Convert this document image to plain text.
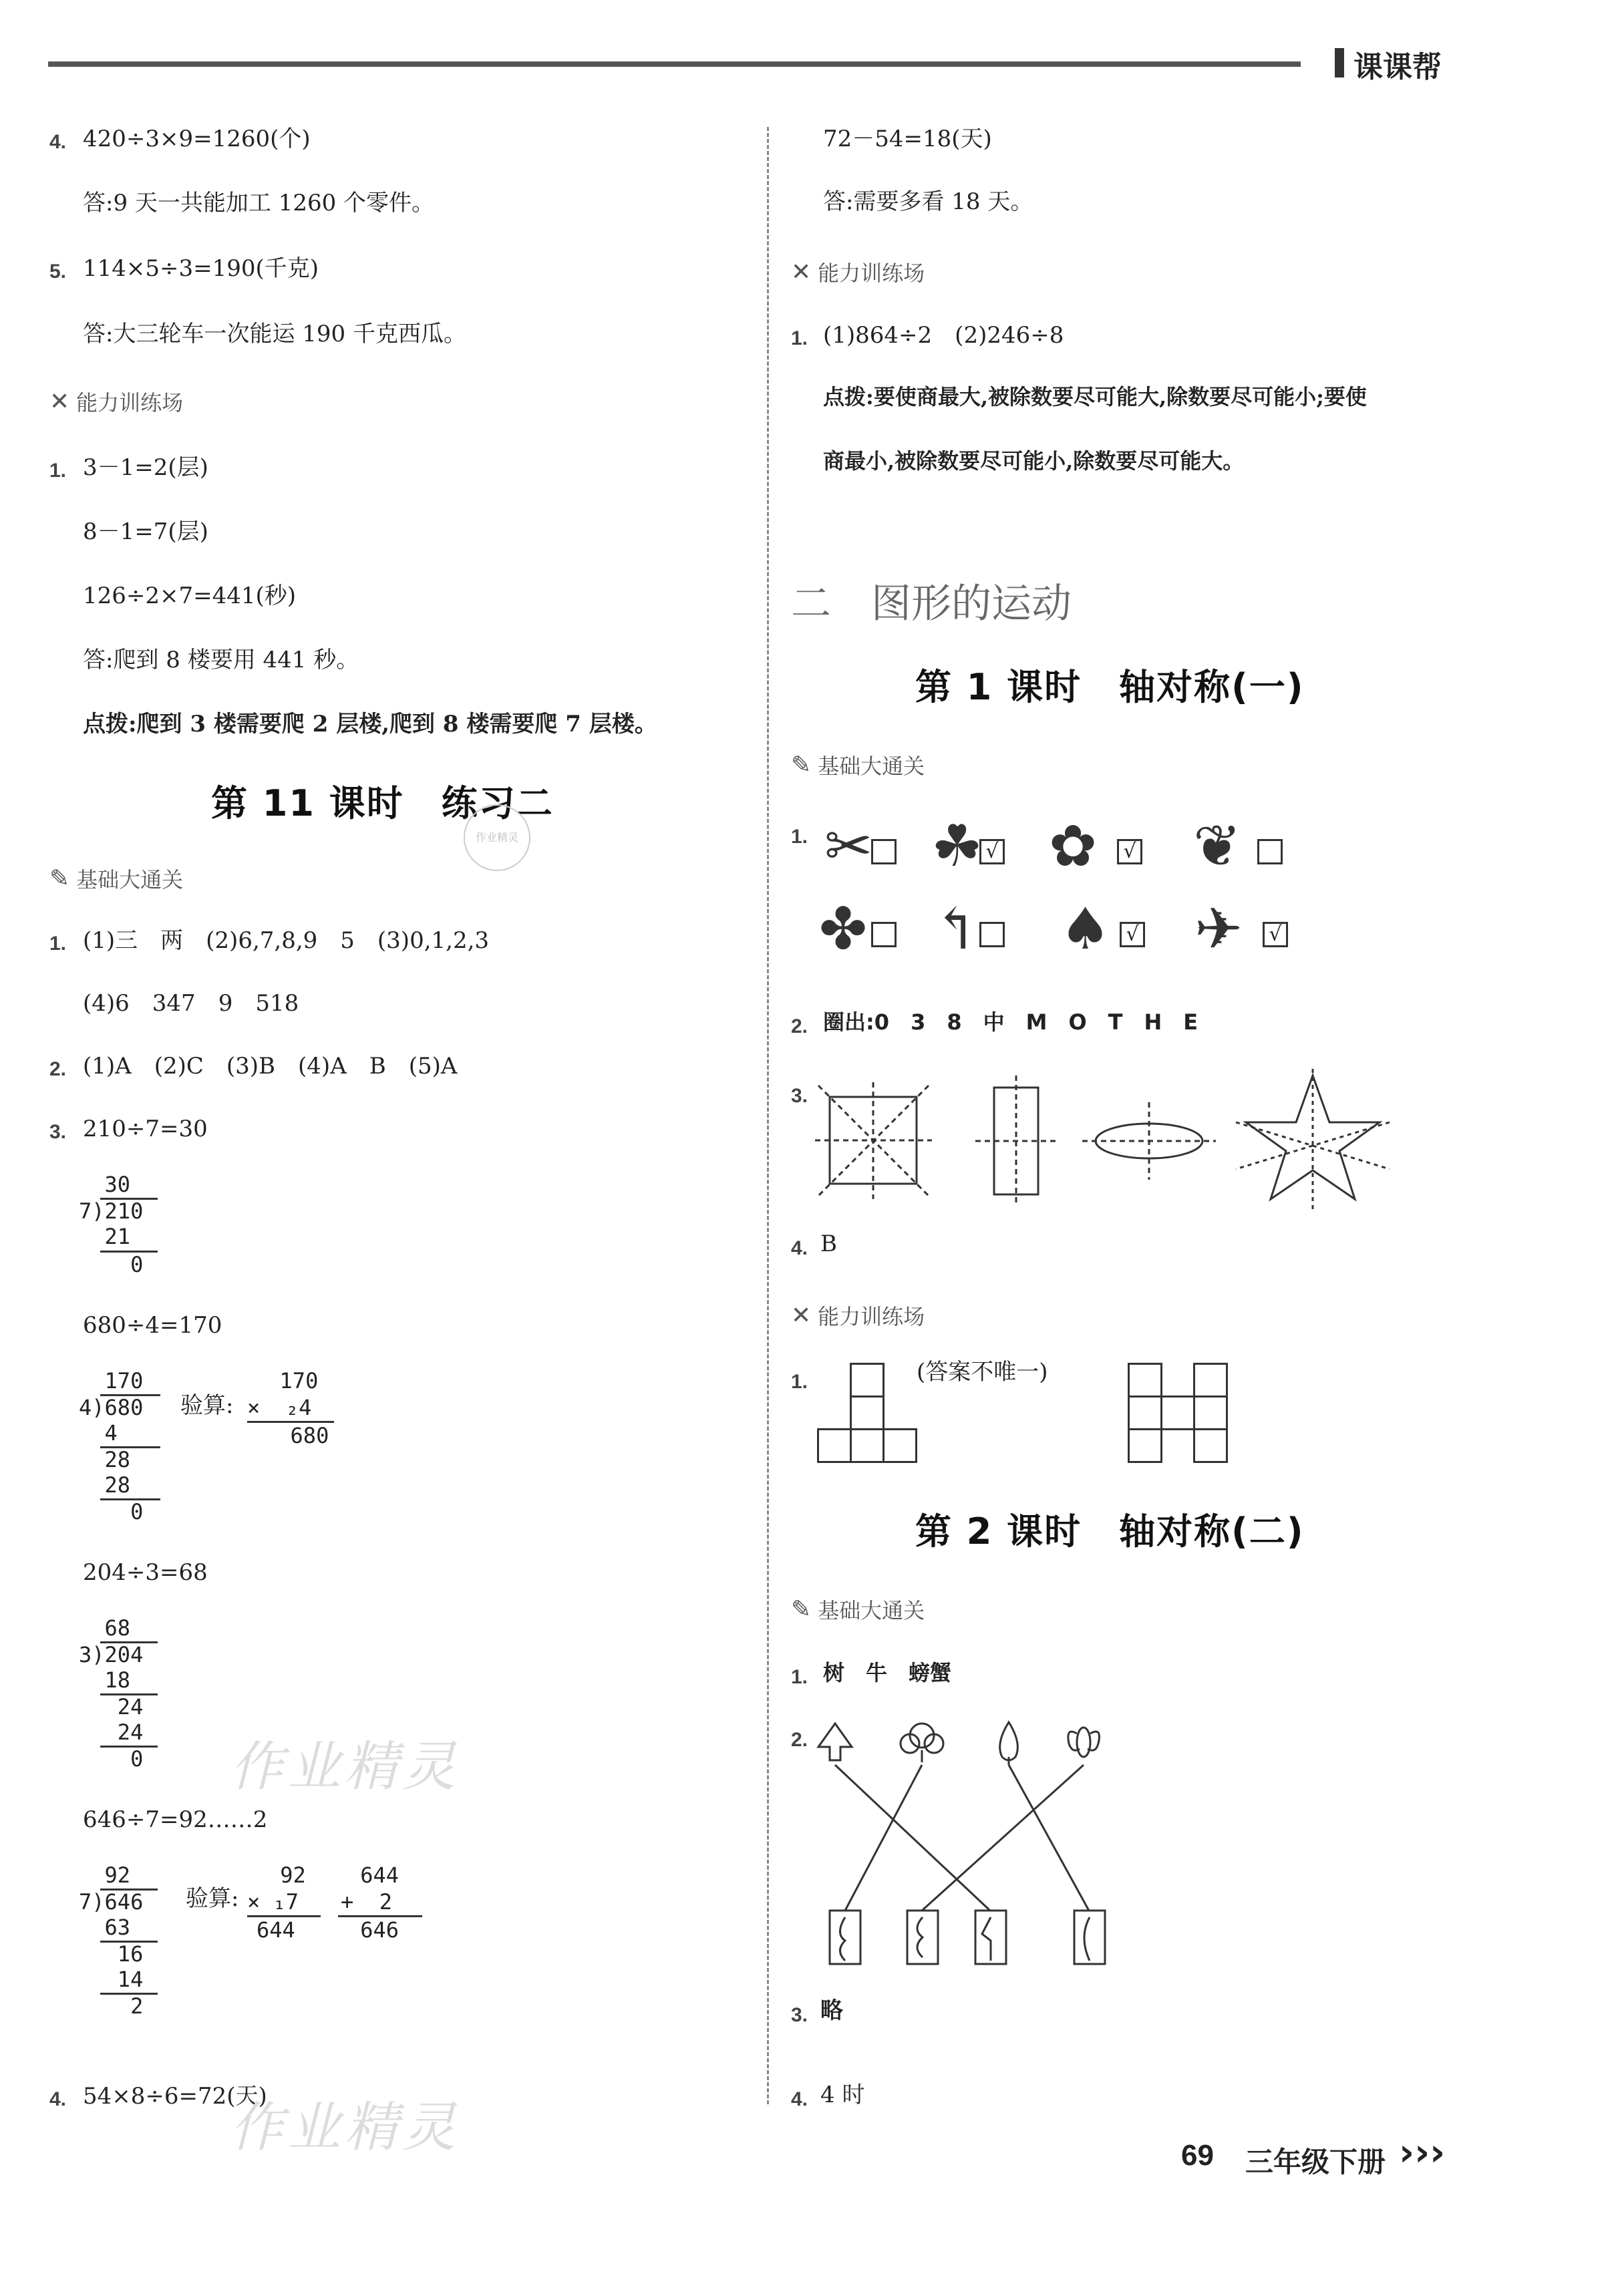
课课帮
4. 420÷3×9=1260(个)
答:9 天一共能加工 1260 个零件。
5. 114×5÷3=190(千克)
答:大三轮车一次能运 190 千克西瓜。
✕ 能力训练场
1. 3－1=2(层)
8－1=7(层)
126÷2×7=441(秒)
答:爬到 8 楼要用 441 秒。
点拨:爬到 3 楼需要爬 2 层楼,爬到 8 楼需要爬 7 层楼。
第 11 课时　练习二
作业精灵
✎ 基础大通关
1. (1)三　两　(2)6,7,8,9　5　(3)0,1,2,3
(4)6　347　9　518
2. (1)A　(2)C　(3)B　(4)A　B　(5)A
3. 210÷7=30
30
7)210
21
0
680÷4=170
170
4)680
4
28
28
0
验算:
170
×  ₂4
680
204÷3=68
68
3)204
18
24
24
0
646÷7=92……2
92
7)646
63
16
14
2
验算:
92
× ₁7
644
644
+  2
646
4. 54×8÷6=72(天)
作业精灵
作业精灵
72－54=18(天)
答:需要多看 18 天。
✕ 能力训练场
1. (1)864÷2　(2)246÷8
点拨:要使商最大,被除数要尽可能大,除数要尽可能小;要使
商最小,被除数要尽可能小,除数要尽可能大。
二　图形的运动
第 1 课时　轴对称(一)
✎ 基础大通关
1. ✂ ☘ √ ✿	√ ❦
✤ ↰ ♠ √ ✈	√
2. 圈出:0　3　8　中　M　O　T　H　E
3.
4. B
✕ 能力训练场
1.	(答案不唯一)
第 2 课时　轴对称(二)
✎ 基础大通关
1. 树　牛　螃蟹
2.
3. 略
4. 4 时
69 三年级下册 ›››
